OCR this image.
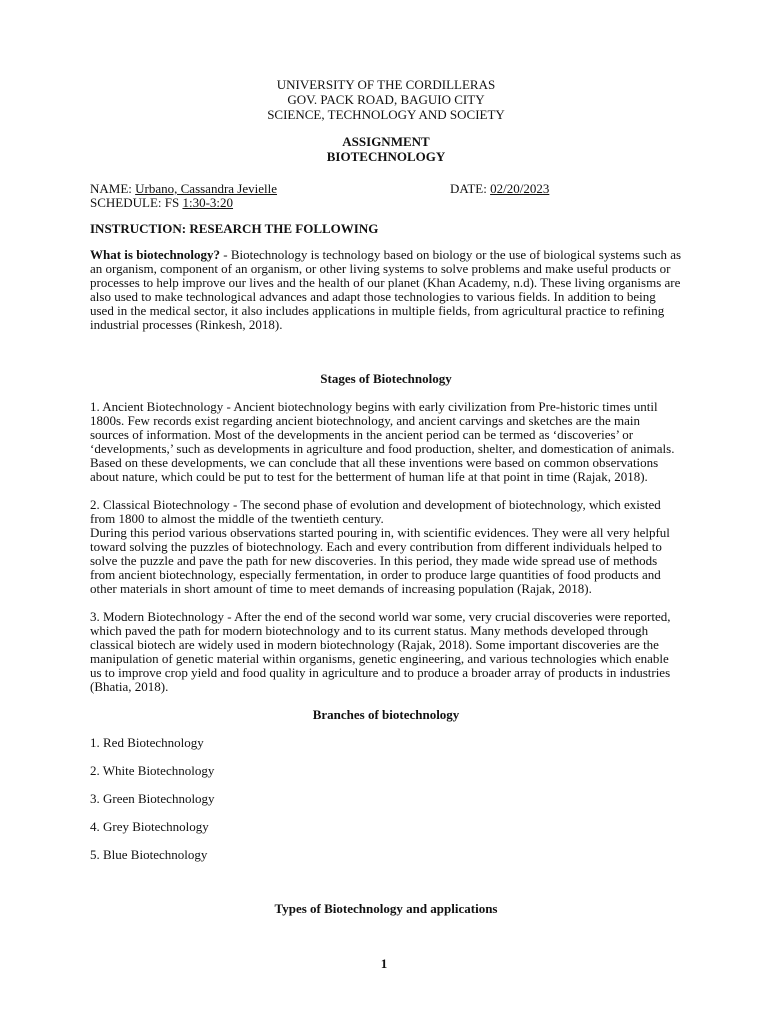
UNIVERSITY OF THE CORDILLERAS
GOV. PACK ROAD, BAGUIO CITY
SCIENCE, TECHNOLOGY AND SOCIETY
ASSIGNMENT
BIOTECHNOLOGY
NAME: Urbano, Cassandra Jevielle	DATE: 02/20/2023
SCHEDULE: FS 1:30-3:20

INSTRUCTION: RESEARCH THE FOLLOWING

What is biotechnology? - Biotechnology is technology based on biology or the use of biological systems such as an organism, component of an organism, or other living systems to solve problems and make useful products or processes to help improve our lives and the health of our planet (Khan Academy, n.d). These living organisms are also used to make technological advances and adapt those technologies to various fields. In addition to being used in the medical sector, it also includes applications in multiple fields, from agricultural practice to refining industrial processes (Rinkesh, 2018).

Stages of Biotechnology

1. Ancient Biotechnology - Ancient biotechnology begins with early civilization from Pre-historic times until 1800s. Few records exist regarding ancient biotechnology, and ancient carvings and sketches are the main sources of information. Most of the developments in the ancient period can be termed as ‘discoveries’ or ‘developments,’ such as developments in agriculture and food production, shelter, and domestication of animals. Based on these developments, we can conclude that all these inventions were based on common observations about nature, which could be put to test for the betterment of human life at that point in time (Rajak, 2018).

2. Classical Biotechnology - The second phase of evolution and development of biotechnology, which existed from 1800 to almost the middle of the twentieth century.

During this period various observations started pouring in, with scientific evidences. They were all very helpful toward solving the puzzles of biotechnology. Each and every contribution from different individuals helped to solve the puzzle and pave the path for new discoveries. In this period, they made wide spread use of methods from ancient biotechnology, especially fermentation, in order to produce large quantities of food products and other materials in short amount of time to meet demands of increasing population (Rajak, 2018).

3. Modern Biotechnology - After the end of the second world war some, very crucial discoveries were reported, which paved the path for modern biotechnology and to its current status. Many methods developed through classical biotech are widely used in modern biotechnology (Rajak, 2018). Some important discoveries are the manipulation of genetic material within organisms, genetic engineering, and various technologies which enable us to improve crop yield and food quality in agriculture and to produce a broader array of products in industries (Bhatia, 2018).

Branches of biotechnology

1. Red Biotechnology
2. White Biotechnology
3. Green Biotechnology
4. Grey Biotechnology
5. Blue Biotechnology

Types of Biotechnology and applications

1
